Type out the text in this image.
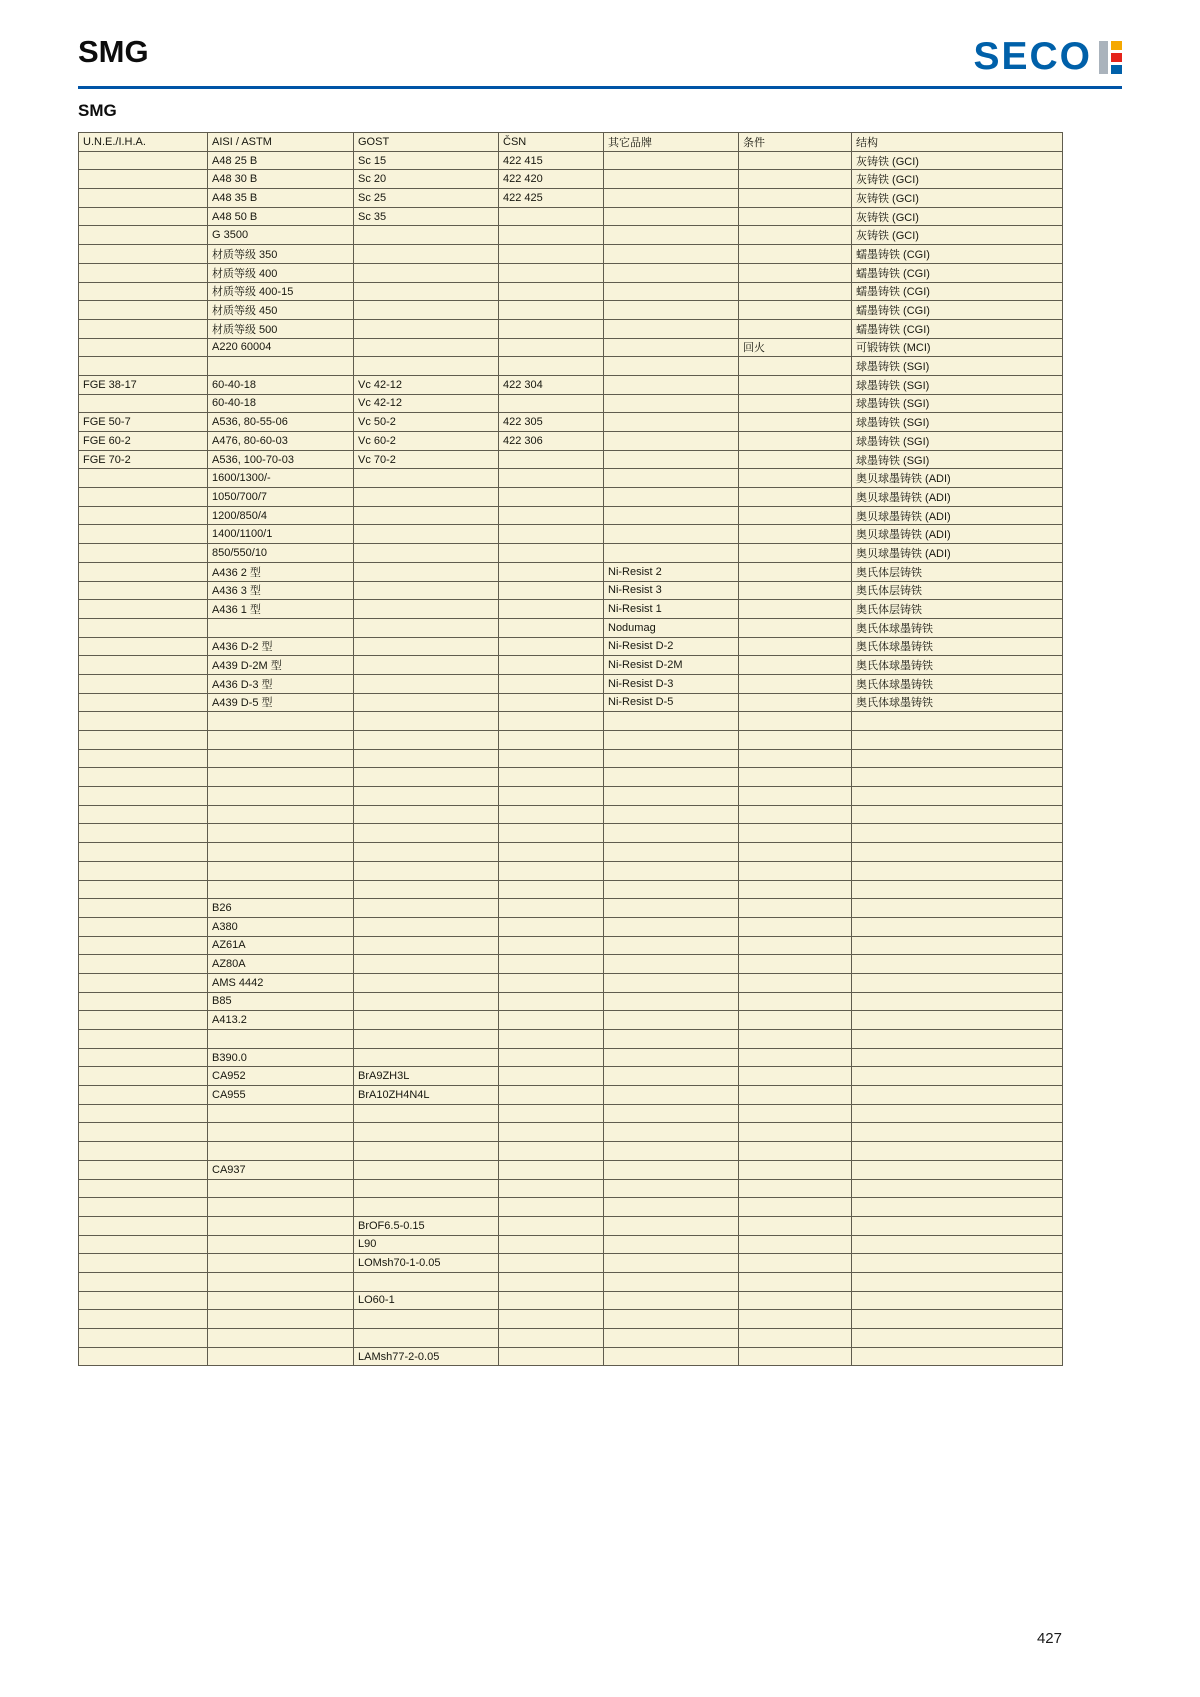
SMG	SECO
SMG
U.N.E./I.H.A.	AISI / ASTM	GOST	ČSN	其它品牌	条件	结构
	A48 25 B	Sc 15	422 415			灰铸铁 (GCI)
	A48 30 B	Sc 20	422 420			灰铸铁 (GCI)
	A48 35 B	Sc 25	422 425			灰铸铁 (GCI)
	A48 50 B	Sc 35				灰铸铁 (GCI)
	G 3500					灰铸铁 (GCI)
	材质等级 350					蠕墨铸铁 (CGI)
	材质等级 400					蠕墨铸铁 (CGI)
	材质等级 400-15					蠕墨铸铁 (CGI)
	材质等级 450					蠕墨铸铁 (CGI)
	材质等级 500					蠕墨铸铁 (CGI)
	A220 60004				回火	可锻铸铁 (MCI)
						球墨铸铁 (SGI)
FGE 38-17	60-40-18	Vc 42-12	422 304			球墨铸铁 (SGI)
	60-40-18	Vc 42-12				球墨铸铁 (SGI)
FGE 50-7	A536, 80-55-06	Vc 50-2	422 305			球墨铸铁 (SGI)
FGE 60-2	A476, 80-60-03	Vc 60-2	422 306			球墨铸铁 (SGI)
FGE 70-2	A536, 100-70-03	Vc 70-2				球墨铸铁 (SGI)
	1600/1300/-					奥贝球墨铸铁 (ADI)
	1050/700/7					奥贝球墨铸铁 (ADI)
	1200/850/4					奥贝球墨铸铁 (ADI)
	1400/1100/1					奥贝球墨铸铁 (ADI)
	850/550/10					奥贝球墨铸铁 (ADI)
	A436 2 型			Ni-Resist 2		奥氏体层铸铁
	A436 3 型			Ni-Resist 3		奥氏体层铸铁
	A436 1 型			Ni-Resist 1		奥氏体层铸铁
				Nodumag		奥氏体球墨铸铁
	A436 D-2 型			Ni-Resist D-2		奥氏体球墨铸铁
	A439 D-2M 型			Ni-Resist D-2M		奥氏体球墨铸铁
	A436 D-3 型			Ni-Resist D-3		奥氏体球墨铸铁
	A439 D-5 型			Ni-Resist D-5		奥氏体球墨铸铁

	B26					
	A380					
	AZ61A					
	AZ80A					
	AMS 4442					
	B85					
	A413.2					

	B390.0					
	CA952	BrA9ZH3L				
	CA955	BrA10ZH4N4L				

	CA937					

		BrOF6.5-0.15				
		L90				
		LOMsh70-1-0.05				

		LO60-1				

		LAMsh77-2-0.05				
427
